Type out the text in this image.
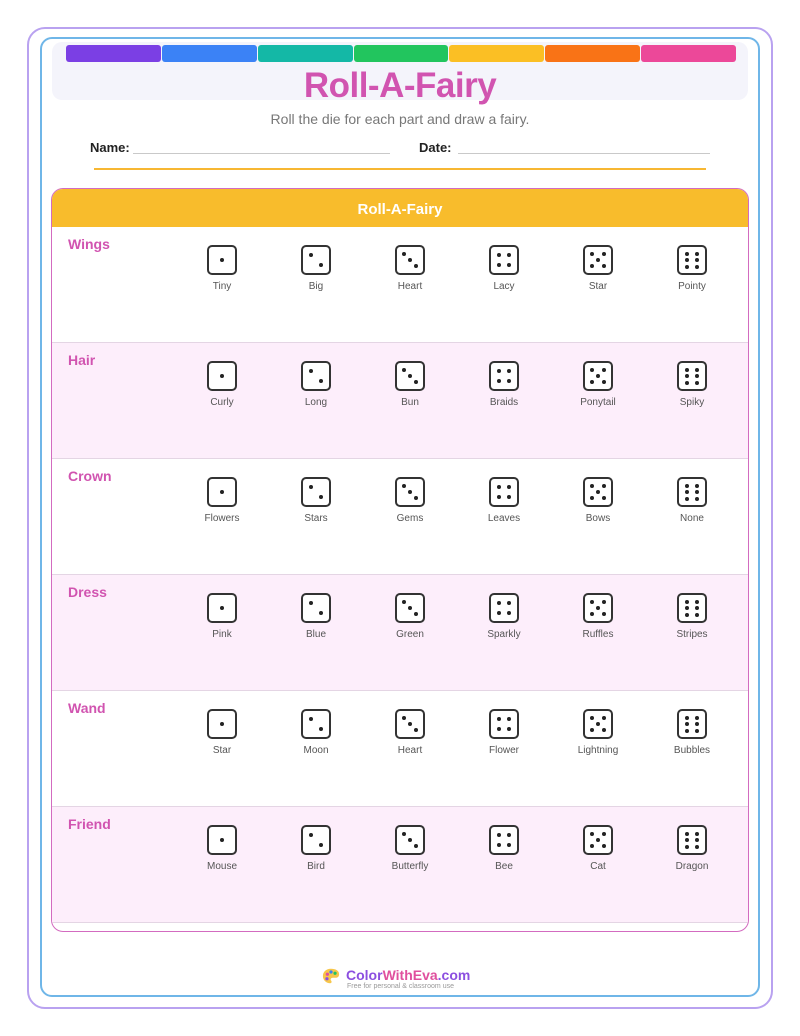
Roll-A-Fairy

Roll the die for each part and draw a fairy.

Name:	Date:
Roll-A-Fairy
Wings
Tiny	Big	Heart	Lacy	Star	Pointy
Hair
Curly	Long	Bun	Braids	Ponytail	Spiky
Crown
Flowers	Stars	Gems	Leaves	Bows	None
Dress
Pink	Blue	Green	Sparkly	Ruffles	Stripes
Wand
Star	Moon	Heart	Flower	Lightning	Bubbles
Friend
Mouse	Bird	Butterfly	Bee	Cat	Dragon
ColorWithEva.com
Free for personal & classroom use
